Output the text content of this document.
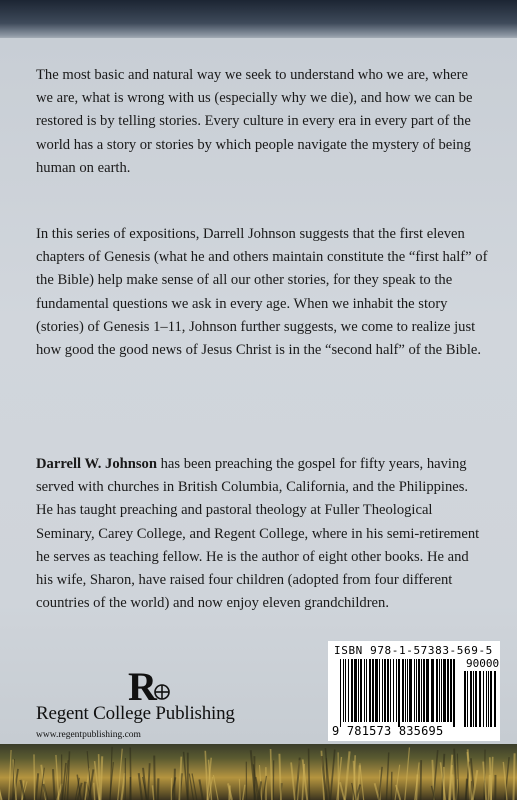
The most basic and natural way we seek to understand who we are, where we are, what is wrong with us (especially why we die), and how we can be restored is by telling stories. Every culture in every era in every part of the world has a story or stories by which people navigate the mystery of being human on earth.

In this series of expositions, Darrell Johnson suggests that the first eleven chapters of Genesis (what he and others maintain constitute the “first half” of the Bible) help make sense of all our other stories, for they speak to the fundamental questions we ask in every age. When we inhabit the story (stories) of Genesis 1–11, Johnson further suggests, we come to realize just how good the good news of Jesus Christ is in the “second half” of the Bible.

Darrell W. Johnson has been preaching the gospel for fifty years, having served with churches in British Columbia, California, and the Philippines. He has taught preaching and pastoral theology at Fuller Theological Seminary, Carey College, and Regent College, where in his semi-retirement he serves as teaching fellow. He is the author of eight other books. He and his wife, Sharon, have raised four children (adopted from four different countries of the world) and now enjoy eleven grandchildren.

R
Regent College Publishing
www.regentpublishing.com
ISBN 978-1-57383-569-5
9 781573 835695
90000
